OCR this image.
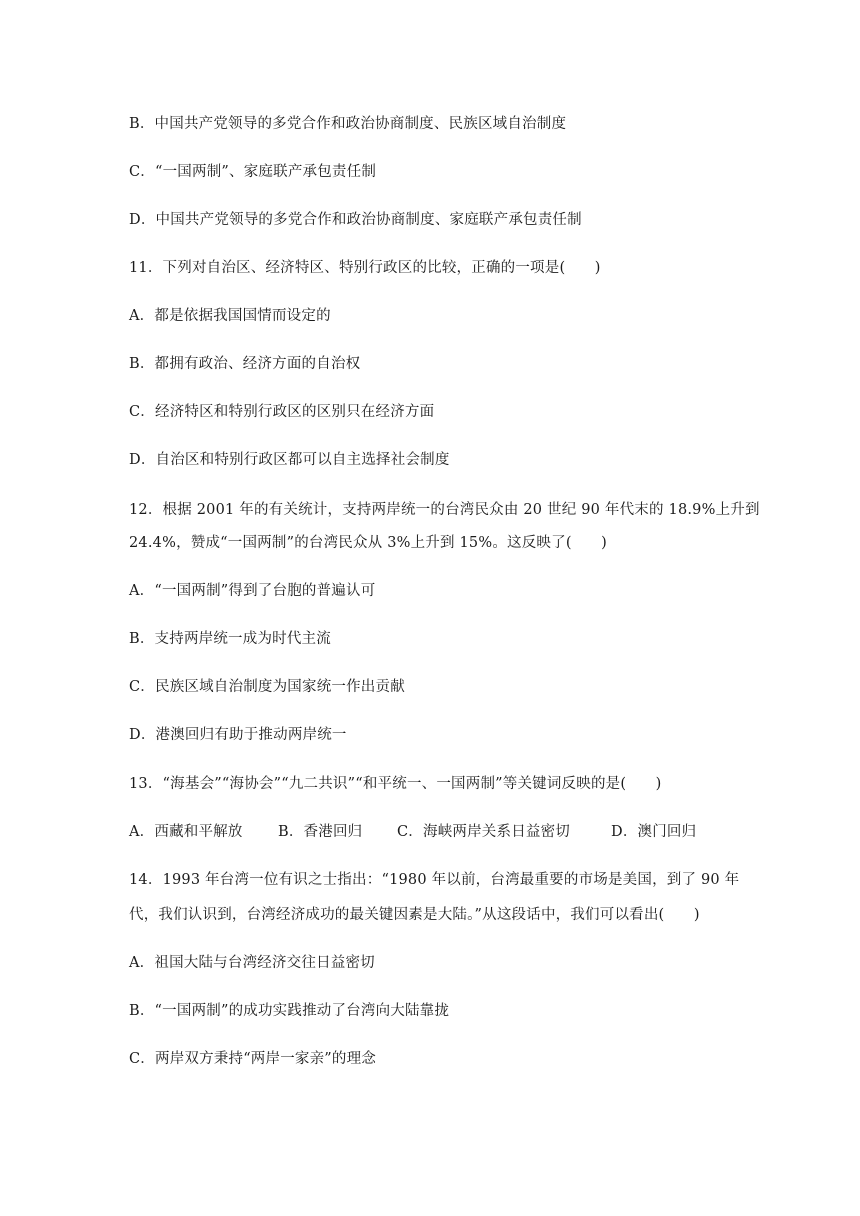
B．中国共产党领导的多党合作和政治协商制度、民族区域自治制度
C．“一国两制”、家庭联产承包责任制
D．中国共产党领导的多党合作和政治协商制度、家庭联产承包责任制
11．下列对自治区、经济特区、特别行政区的比较，正确的一项是(　　)
A．都是依据我国国情而设定的
B．都拥有政治、经济方面的自治权
C．经济特区和特别行政区的区别只在经济方面
D．自治区和特别行政区都可以自主选择社会制度
12．根据 2001 年的有关统计，支持两岸统一的台湾民众由 20 世纪 90 年代末的 18.9%上升到
24.4%，赞成“一国两制”的台湾民众从 3%上升到 15%。这反映了(　　)
A．“一国两制”得到了台胞的普遍认可
B．支持两岸统一成为时代主流
C．民族区域自治制度为国家统一作出贡献
D．港澳回归有助于推动两岸统一
13．“海基会”“海协会”“九二共识”“和平统一、一国两制”等关键词反映的是(　　)
A．西藏和平解放 B．香港回归 C．海峡两岸关系日益密切	D．澳门回归
14．1993 年台湾一位有识之士指出：“1980 年以前，台湾最重要的市场是美国，到了 90 年
代，我们认识到，台湾经济成功的最关键因素是大陆。”从这段话中，我们可以看出(　　)
A．祖国大陆与台湾经济交往日益密切
B．“一国两制”的成功实践推动了台湾向大陆靠拢
C．两岸双方秉持“两岸一家亲”的理念
